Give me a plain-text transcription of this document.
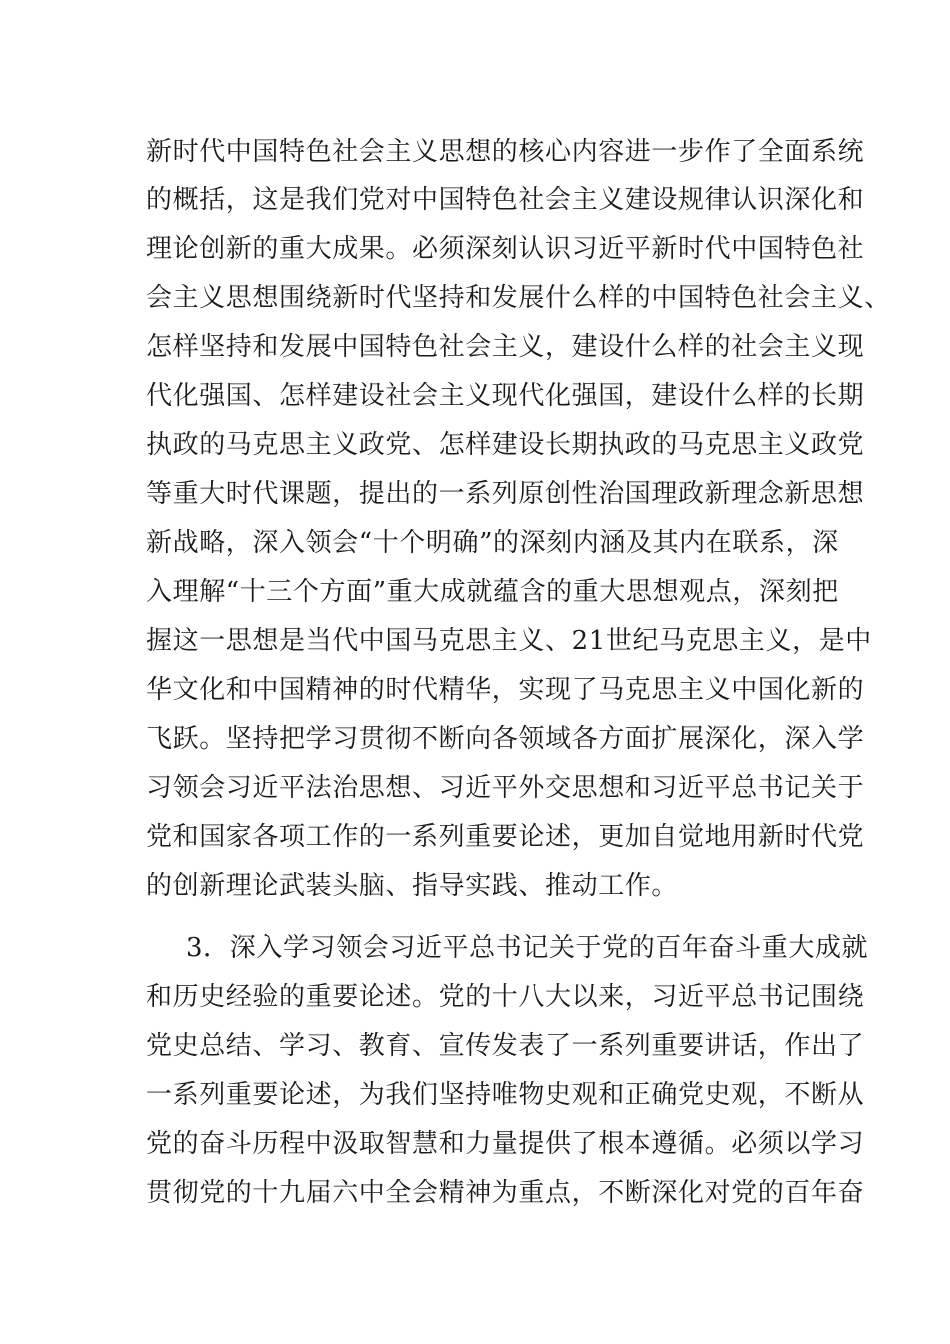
新时代中国特色社会主义思想的核心内容进一步作了全面系统
的概括，这是我们党对中国特色社会主义建设规律认识深化和
理论创新的重大成果。必须深刻认识习近平新时代中国特色社
会主义思想围绕新时代坚持和发展什么样的中国特色社会主义、
怎样坚持和发展中国特色社会主义，建设什么样的社会主义现
代化强国、怎样建设社会主义现代化强国，建设什么样的长期
执政的马克思主义政党、怎样建设长期执政的马克思主义政党
等重大时代课题，提出的一系列原创性治国理政新理念新思想
新战略，深入领会“十个明确”的深刻内涵及其内在联系，深
入理解“十三个方面”重大成就蕴含的重大思想观点，深刻把
握这一思想是当代中国马克思主义、21世纪马克思主义，是中
华文化和中国精神的时代精华，实现了马克思主义中国化新的
飞跃。坚持把学习贯彻不断向各领域各方面扩展深化，深入学
习领会习近平法治思想、习近平外交思想和习近平总书记关于
党和国家各项工作的一系列重要论述，更加自觉地用新时代党
的创新理论武装头脑、指导实践、推动工作。
3．深入学习领会习近平总书记关于党的百年奋斗重大成就
和历史经验的重要论述。党的十八大以来，习近平总书记围绕
党史总结、学习、教育、宣传发表了一系列重要讲话，作出了
一系列重要论述，为我们坚持唯物史观和正确党史观，不断从
党的奋斗历程中汲取智慧和力量提供了根本遵循。必须以学习
贯彻党的十九届六中全会精神为重点，不断深化对党的百年奋
